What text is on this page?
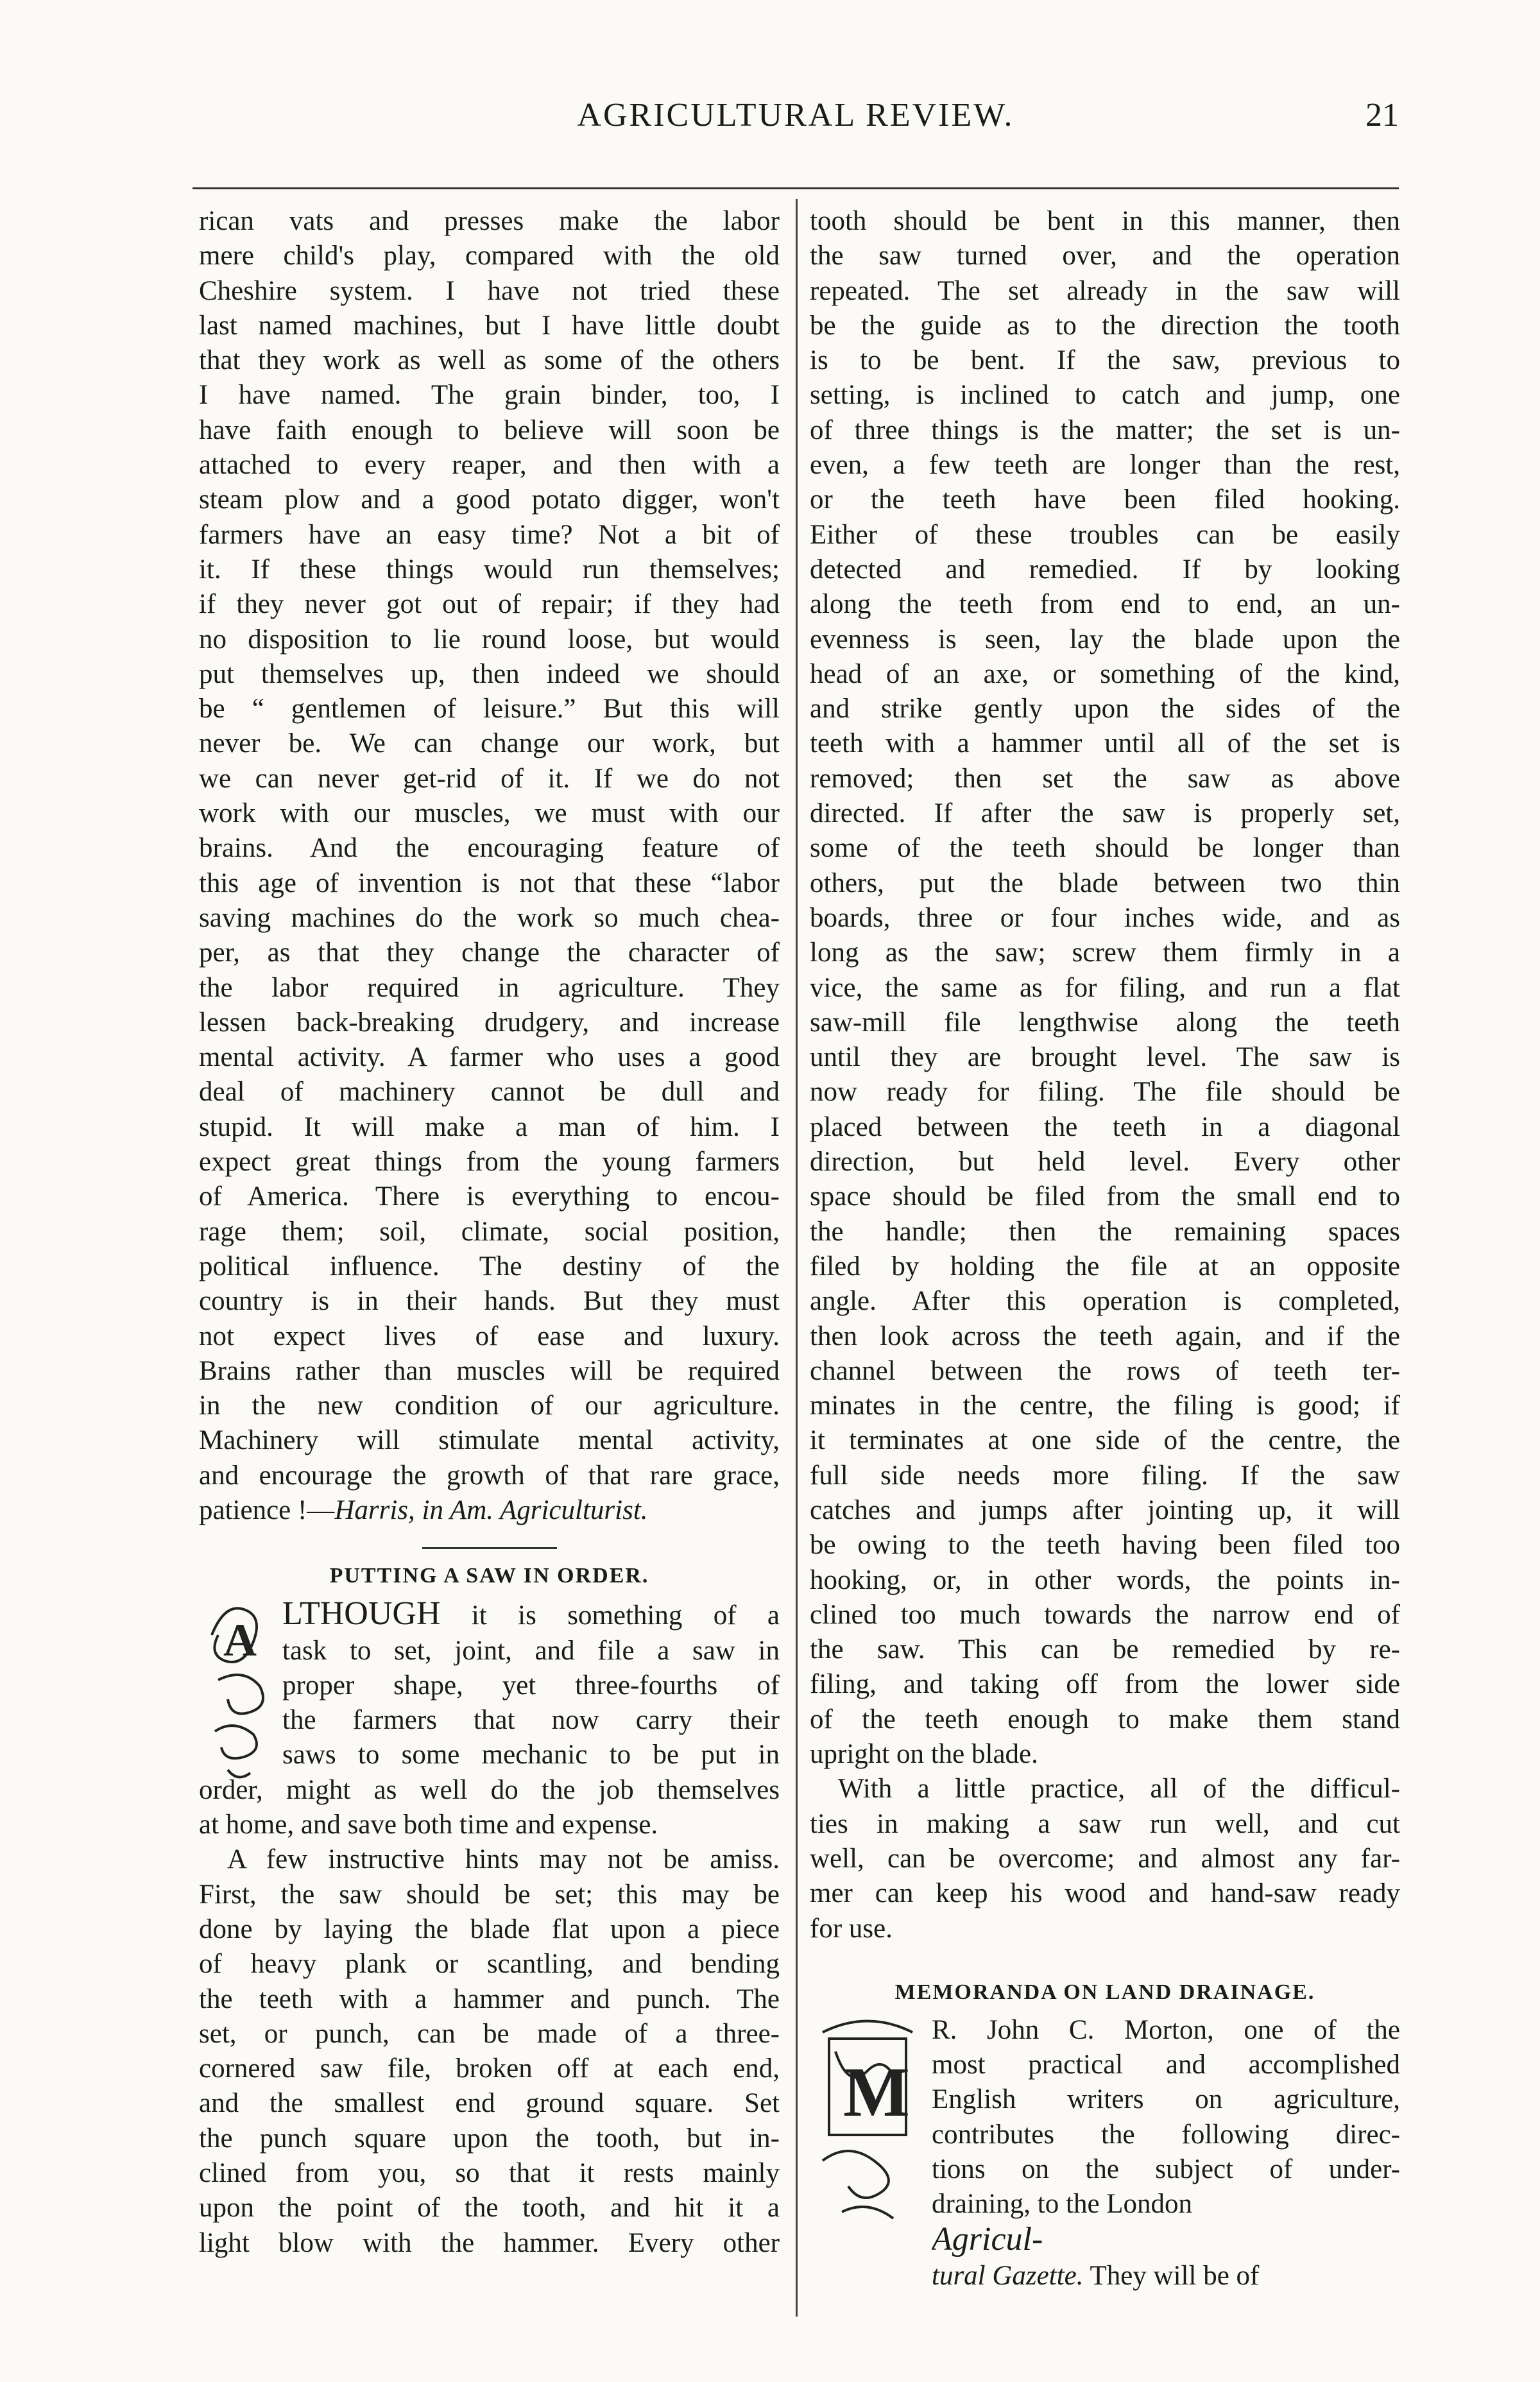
AGRICULTURAL REVIEW.	21
rican vats and presses make the labor
mere child's play, compared with the old
Cheshire system. I have not tried these
last named machines, but I have little doubt
that they work as well as some of the others
I have named. The grain binder, too, I
have faith enough to believe will soon be
attached to every reaper, and then with a
steam plow and a good potato digger, won't
farmers have an easy time? Not a bit of
it. If these things would run themselves;
if they never got out of repair; if they had
no disposition to lie round loose, but would
put themselves up, then indeed we should
be “ gentlemen of leisure.” But this will
never be. We can change our work, but
we can never get-rid of it. If we do not
work with our muscles, we must with our
brains. And the encouraging feature of
this age of invention is not that these “labor
saving machines do the work so much chea-
per, as that they change the character of
the labor required in agriculture. They
lessen back-breaking drudgery, and increase
mental activity. A farmer who uses a good
deal of machinery cannot be dull and
stupid. It will make a man of him. I
expect great things from the young farmers
of America. There is everything to encou-
rage them; soil, climate, social position,
political influence. The destiny of the
country is in their hands. But they must
not expect lives of ease and luxury.
Brains rather than muscles will be required
in the new condition of our agriculture.
Machinery will stimulate mental activity,
and encourage the growth of that rare grace,
patience !—Harris, in Am. Agriculturist.
PUTTING A SAW IN ORDER.
A
LTHOUGH it is something of a
task to set, joint, and file a saw in
proper shape, yet three-fourths of
the farmers that now carry their
saws to some mechanic to be put in
order, might as well do the job themselves
at home, and save both time and expense.
A few instructive hints may not be amiss.
First, the saw should be set; this may be
done by laying the blade flat upon a piece
of heavy plank or scantling, and bending
the teeth with a hammer and punch. The
set, or punch, can be made of a three-
cornered saw file, broken off at each end,
and the smallest end ground square. Set
the punch square upon the tooth, but in-
clined from you, so that it rests mainly
upon the point of the tooth, and hit it a
light blow with the hammer. Every other
tooth should be bent in this manner, then
the saw turned over, and the operation
repeated. The set already in the saw will
be the guide as to the direction the tooth
is to be bent. If the saw, previous to
setting, is inclined to catch and jump, one
of three things is the matter; the set is un-
even, a few teeth are longer than the rest,
or the teeth have been filed hooking.
Either of these troubles can be easily
detected and remedied. If by looking
along the teeth from end to end, an un-
evenness is seen, lay the blade upon the
head of an axe, or something of the kind,
and strike gently upon the sides of the
teeth with a hammer until all of the set is
removed; then set the saw as above
directed. If after the saw is properly set,
some of the teeth should be longer than
others, put the blade between two thin
boards, three or four inches wide, and as
long as the saw; screw them firmly in a
vice, the same as for filing, and run a flat
saw-mill file lengthwise along the teeth
until they are brought level. The saw is
now ready for filing. The file should be
placed between the teeth in a diagonal
direction, but held level. Every other
space should be filed from the small end to
the handle; then the remaining spaces
filed by holding the file at an opposite
angle. After this operation is completed,
then look across the teeth again, and if the
channel between the rows of teeth ter-
minates in the centre, the filing is good; if
it terminates at one side of the centre, the
full side needs more filing. If the saw
catches and jumps after jointing up, it will
be owing to the teeth having been filed too
hooking, or, in other words, the points in-
clined too much towards the narrow end of
the saw. This can be remedied by re-
filing, and taking off from the lower side
of the teeth enough to make them stand
upright on the blade.
With a little practice, all of the difficul-
ties in making a saw run well, and cut
well, can be overcome; and almost any far-
mer can keep his wood and hand-saw ready
for use.
MEMORANDA ON LAND DRAINAGE.
M
R. John C. Morton, one of the
most practical and accomplished
English writers on agriculture,
contributes the following direc-
tions on the subject of under-
draining, to the London
Agricul-
tural Gazette. They will be of
